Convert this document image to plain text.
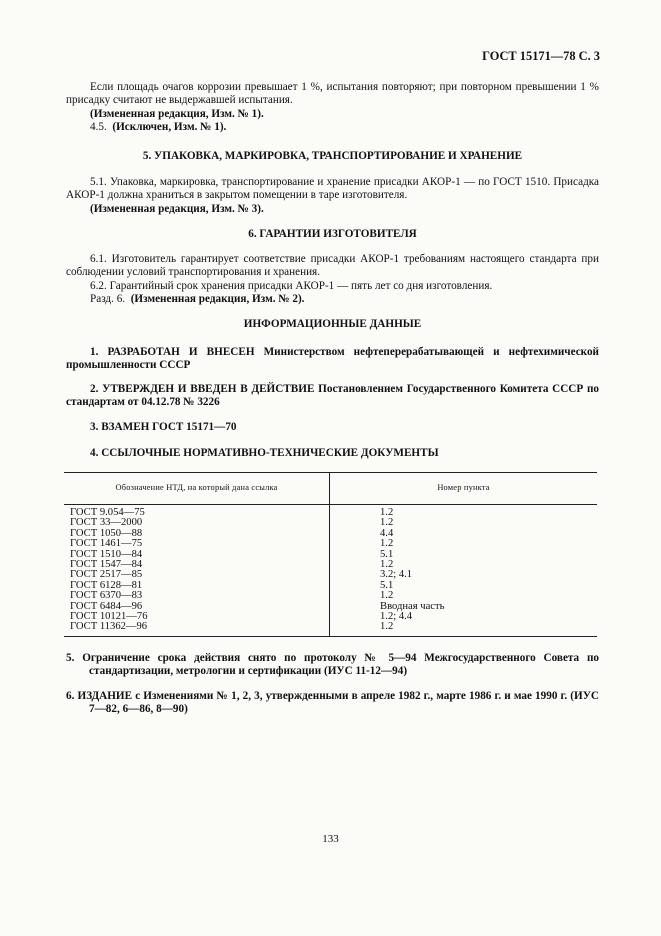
ГОСТ 15171—78 С. 3

Если площадь очагов коррозии превышает 1 %, испытания повторяют; при повторном превышении 1 % присадку считают не выдержавшей испытания.

(Измененная редакция, Изм. № 1).

4.5. (Исключен, Изм. № 1).

5. УПАКОВКА, МАРКИРОВКА, ТРАНСПОРТИРОВАНИЕ И ХРАНЕНИЕ

5.1. Упаковка, маркировка, транспортирование и хранение присадки АКОР-1 — по ГОСТ 1510. Присадка АКОР-1 должна храниться в закрытом помещении в таре изготовителя.

(Измененная редакция, Изм. № 3).

6. ГАРАНТИИ ИЗГОТОВИТЕЛЯ

6.1. Изготовитель гарантирует соответствие присадки АКОР-1 требованиям настоящего стандарта при соблюдении условий транспортирования и хранения.

6.2. Гарантийный срок хранения присадки АКОР-1 — пять лет со дня изготовления.

Разд. 6. (Измененная редакция, Изм. № 2).

ИНФОРМАЦИОННЫЕ ДАННЫЕ

1. РАЗРАБОТАН И ВНЕСЕН Министерством нефтеперерабатывающей и нефтехимической промышленности СССР

2. УТВЕРЖДЕН И ВВЕДЕН В ДЕЙСТВИЕ Постановлением Государственного Комитета СССР по стандартам от 04.12.78 № 3226

3. ВЗАМЕН ГОСТ 15171—70

4. ССЫЛОЧНЫЕ НОРМАТИВНО-ТЕХНИЧЕСКИЕ ДОКУМЕНТЫ

Обозначение НТД, на который дана ссылка	Номер пункта
ГОСТ 9.054—75	1.2
ГОСТ 33—2000	1.2
ГОСТ 1050—88	4.4
ГОСТ 1461—75	1.2
ГОСТ 1510—84	5.1
ГОСТ 1547—84	1.2
ГОСТ 2517—85	3.2; 4.1
ГОСТ 6128—81	5.1
ГОСТ 6370—83	1.2
ГОСТ 6484—96	Вводная часть
ГОСТ 10121—76	1.2; 4.4
ГОСТ 11362—96	1.2

5. Ограничение срока действия снято по протоколу № 5—94 Межгосударственного Совета по стандартизации, метрологии и сертификации (ИУС 11-12—94)

6. ИЗДАНИЕ с Изменениями № 1, 2, 3, утвержденными в апреле 1982 г., марте 1986 г. и мае 1990 г. (ИУС 7—82, 6—86, 8—90)

133
